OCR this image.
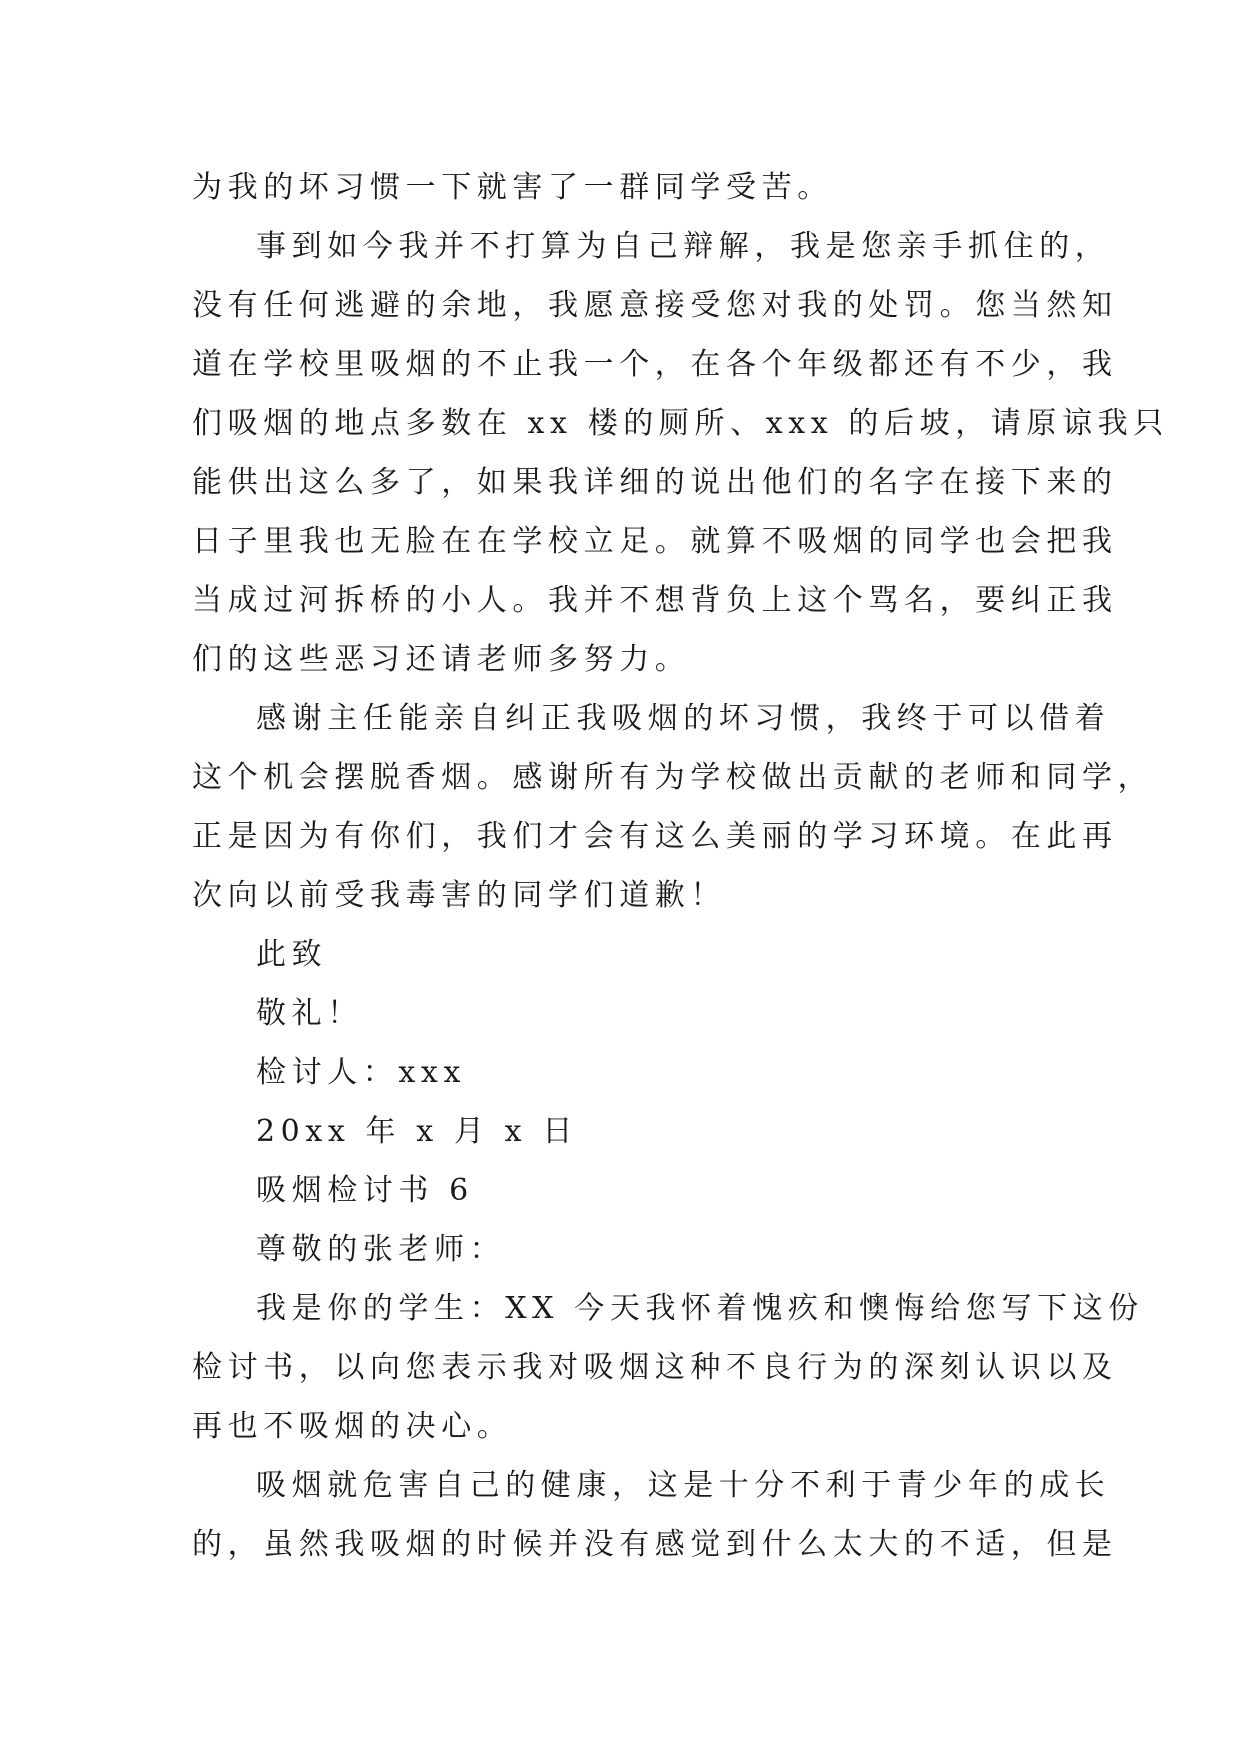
为我的坏习惯一下就害了一群同学受苦。
事到如今我并不打算为自己辩解，我是您亲手抓住的，
没有任何逃避的余地，我愿意接受您对我的处罚。您当然知
道在学校里吸烟的不止我一个，在各个年级都还有不少，我
们吸烟的地点多数在 xx 楼的厕所、xxx 的后坡，请原谅我只
能供出这么多了，如果我详细的说出他们的名字在接下来的
日子里我也无脸在在学校立足。就算不吸烟的同学也会把我
当成过河拆桥的小人。我并不想背负上这个骂名，要纠正我
们的这些恶习还请老师多努力。
感谢主任能亲自纠正我吸烟的坏习惯，我终于可以借着
这个机会摆脱香烟。感谢所有为学校做出贡献的老师和同学，
正是因为有你们，我们才会有这么美丽的学习环境。在此再
次向以前受我毒害的同学们道歉！
此致
敬礼！
检讨人：xxx
20xx 年 x 月 x 日
吸烟检讨书 6
尊敬的张老师：
我是你的学生：XX 今天我怀着愧疚和懊悔给您写下这份
检讨书，以向您表示我对吸烟这种不良行为的深刻认识以及
再也不吸烟的决心。
吸烟就危害自己的健康，这是十分不利于青少年的成长
的，虽然我吸烟的时候并没有感觉到什么太大的不适，但是
